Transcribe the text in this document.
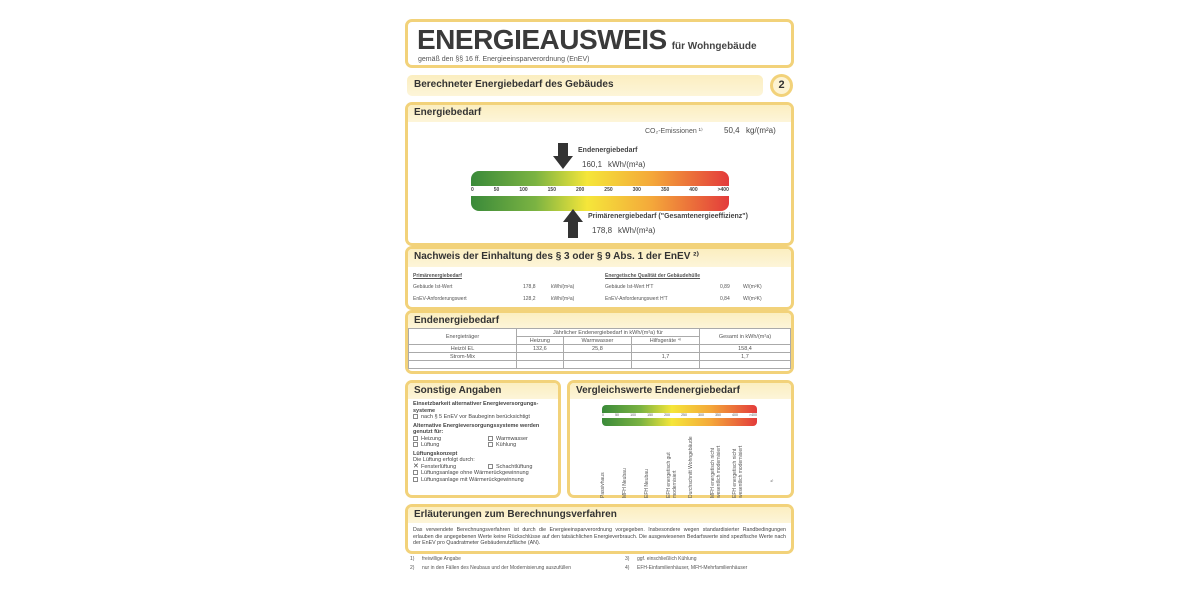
ENERGIEAUSWEIS für Wohngebäude
gemäß den §§ 16 ff. Energieeinsparverordnung (EnEV)
Berechneter Energiebedarf des Gebäudes	2
Energiebedarf
CO₂-Emissionen ¹⁾	50,4 kg/(m²a)
Endenergiebedarf
160,1 kWh/(m²a)
0	50	100	150	200	250	300	350	400	>400
Primärenergiebedarf ("Gesamtenergieeffizienz")
178,8 kWh/(m²a)
Nachweis der Einhaltung des § 3 oder § 9 Abs. 1 der EnEV ²⁾
Primärenergiebedarf
Gebäude Ist-Wert	178,8	kWh/(m²a)
EnEV-Anforderungswert	128,2	kWh/(m²a)
Energetische Qualität der Gebäudehülle
Gebäude Ist-Wert H'T	0,89	W/(m²K)
EnEV-Anforderungswert H'T	0,84	W/(m²K)
Endenergiebedarf
Energieträger	Jährlicher Endenergiebedarf in kWh/(m²a) für			Gesamt in kWh/(m²a)
	Heizung	Warmwasser	Hilfsgeräte ⁴⁾	
Heizöl EL	132,6	25,8		158,4
Strom-Mix			1,7	1,7

Sonstige Angaben
Einsetzbarkeit alternativer Energieversorgungs-systeme
nach § 5 EnEV vor Baubeginn berücksichtigt
Alternative Energieversorgungssysteme werden genutzt für:
Heizung	Warmwasser
Lüftung	Kühlung
Lüftungskonzept
Die Lüftung erfolgt durch:
✕ Fensterlüftung	Schachtlüftung
Lüftungsanlage ohne Wärmerückgewinnung
Lüftungsanlage mit Wärmerückgewinnung
Vergleichswerte Endenergiebedarf
0	50	100	150	200	250	300	350	400	>400
Passivhaus	MFH Neubau	EFH Neubau	EFH energetisch gut modernisiert Durchschnitt Wohngebäude	MFH energetisch nicht wesentlich modernisiert EFH energetisch nicht wesentlich modernisiert	⁴⁾
Erläuterungen zum Berechnungsverfahren
Das verwendete Berechnungsverfahren ist durch die Energieeinsparverordnung vorgegeben. Insbesondere wegen standardisierter Randbedingungen erlauben die angegebenen Werte keine Rückschlüsse auf den tatsächlichen Energieverbrauch. Die ausgewiesenen Bedarfswerte sind spezifische Werte nach der EnEV pro Quadratmeter Gebäudenutzfläche (AN).
1) freiwillige Angabe	3) ggf. einschließlich Kühlung
2) nur in den Fällen des Neubaus und der Modernisierung auszufüllen	4) EFH-Einfamilienhäuser, MFH-Mehrfamilienhäuser
